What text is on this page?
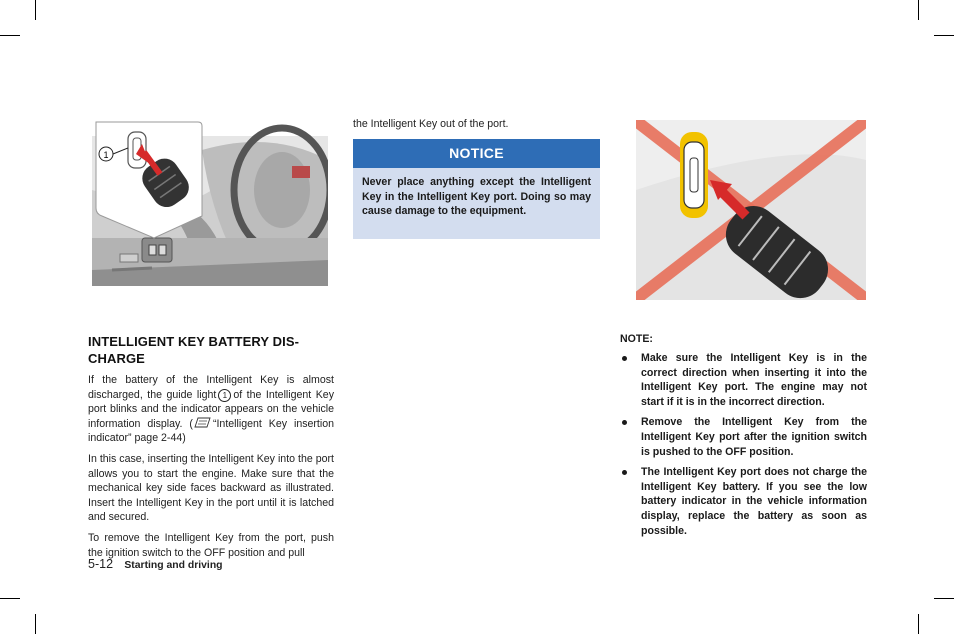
1
INTELLIGENT KEY BATTERY DIS-
CHARGE

If the battery of the Intelligent Key is almost discharged, the guide light 1 of the Intelligent Key port blinks and the indicator appears on the vehicle information display. ( “Intelligent Key insertion indicator” page 2-44)

In this case, inserting the Intelligent Key into the port allows you to start the engine. Make sure that the mechanical key side faces backward as illustrated. Insert the Intelligent Key in the port until it is latched and secured.

To remove the Intelligent Key from the port, push the ignition switch to the OFF position and pull

the Intelligent Key out of the port.

NOTICE
Never place anything except the Intelligent Key in the Intelligent Key port. Doing so may cause damage to the equipment.
NOTE:
Make sure the Intelligent Key is in the correct direction when inserting it into the Intelligent Key port. The engine may not start if it is in the incorrect direction.
Remove the Intelligent Key from the Intelligent Key port after the ignition switch is pushed to the OFF position.
The Intelligent Key port does not charge the Intelligent Key battery. If you see the low battery indicator in the vehicle information display, replace the battery as soon as possible.
5-12 Starting and driving
